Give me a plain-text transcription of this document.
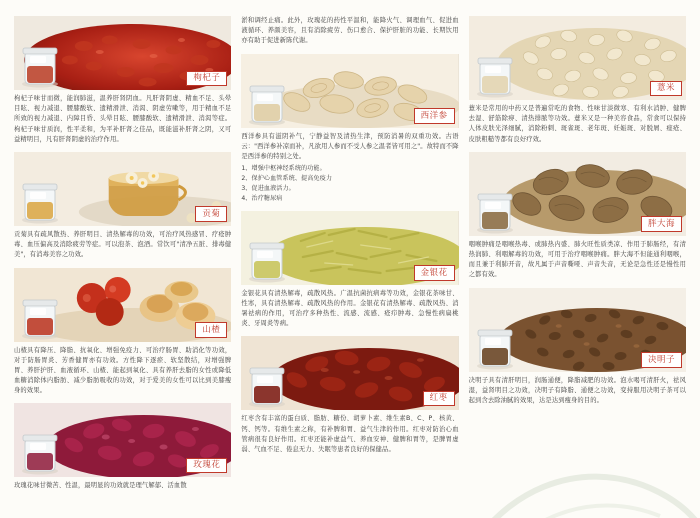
枸杞子

枸杞子味甘而微，能润肺滋，温养肝肾阴血。凡肝肾阴虚、精血不足、头晕目眩、视力减退、腰膝酸软、遗精滑泄、消渴、阴虚劳嗽等，用于精血不足所致的视力减退、内障目昏、头晕目眩、腰膝酸软、遗精滑泄、消渴等症。枸杞子味甘质润，性平柔和，为平补肝肾之佳品，既能滋补肝肾之阴，又可益精明目，凡有肝肾阴虚的治疗作用。

贡菊

贡菊具有疏风散热、养肝明目、清热解毒的功效，可治疗风热感冒、疗疮肿毒、血压偏高及消除疲劳等症。可以泡茶、泡酒。常饮可"清净五脏、排毒健美"，有消毒美容之功效。

山楂

山楂具有降压、降脂、抗氧化、增强免疫力、可治疗肠胃、助消化等功效，对于防肠胃炎、芳香健胃亦有功效。方性降下逐瘀、软坚散结，对增强脾胃、养肝护肝、血液循环、山楂、能起到氧化、具有养肝去脂的女性或降低血糖消除体内脂肪、减少脂肪吸收的功效，对于爱美的女性可以比到美膝瘦身的效果。

玫瑰花

玫瑰花味甘微苦、性温，最明显的功效就是理气解郁、活血散

淤和调经止痛。此外，玫瑰花的药性平温和，能降火气、调理血气、促进血液循环、养颜美容，且有消除疲劳、伤口愈合、保护肝脏的功能、长期饮用亦有助于促进新陈代谢。

西洋参

西洋参具有滋阴补气，宁静益智及清热生津，预防消暑的双重功效。古语云："西洋参补凉而补，凡欲用人参而不受人参之温者皆可用之"。故特而不降是西洋参的特别之处。

1、增强中枢神经系统的功能。

2、保护心血管系统、提高免疫力

3、促进血液活力。

4、治疗糖尿病

金银花

金银花具有清热解毒，疏散风热。广温抗菌抗病毒等功效，金银花茶味甘、性寒，具有清热解毒、疏散风热的作用。金银花有清热解毒、疏散风热、消暑祛病的作用，可治疗多种热性、流感、流感、疮疖肿毒、急慢性病扁桃炎、牙周炎等病。

红枣

红枣含有丰富的蛋白质、脂肪、糖份、胡萝卜素、维生素B、C、P、核黄、钙、钙等。有维生素之称，有补脾和胃、益气生津的作用。红枣对防治心血管病很有良好作用。红枣还能补虚益气、养血安神、健脾和胃等，是脾胃虚弱、气血不足、倦息无力、失眠等患者良好的保健品。

薏米

薏米是常用的中药又是普遍常吃的食物、性味甘淡微寒、有利水消肿、健脾去湿、舒筋除痹、清热排脓等功效。薏米又是一种美容食品，常食可以保持人体皮肤光泽细腻，消除粉刺、斑雀斑、老年斑、妊娠斑、对脱屑、痤疮、皮肤粗糙等都有良好疗效。

胖大海

咽喉肿痛是咽喉热毒、或肺热内盛、肺火旺性质类凉、作用于肺肠经，有清热润肺、利咽解毒的功效，可用于治疗咽喉肿痛。胖大海不但能通利咽喉，而且兼于利肺开音，故凡属于声音嘶哑、声音失音，无论是急性还是慢性用之都有效。

决明子

决明子具有清肝明目，润肠通便，降脂减肥的功效。泡水喝可清肝火，祛风湿，益肾明目之功效，决明子有降脂、通便之功效，变持服用决明子茶可以起到含去除油腻的效果，达是达到瘦身的目的。
